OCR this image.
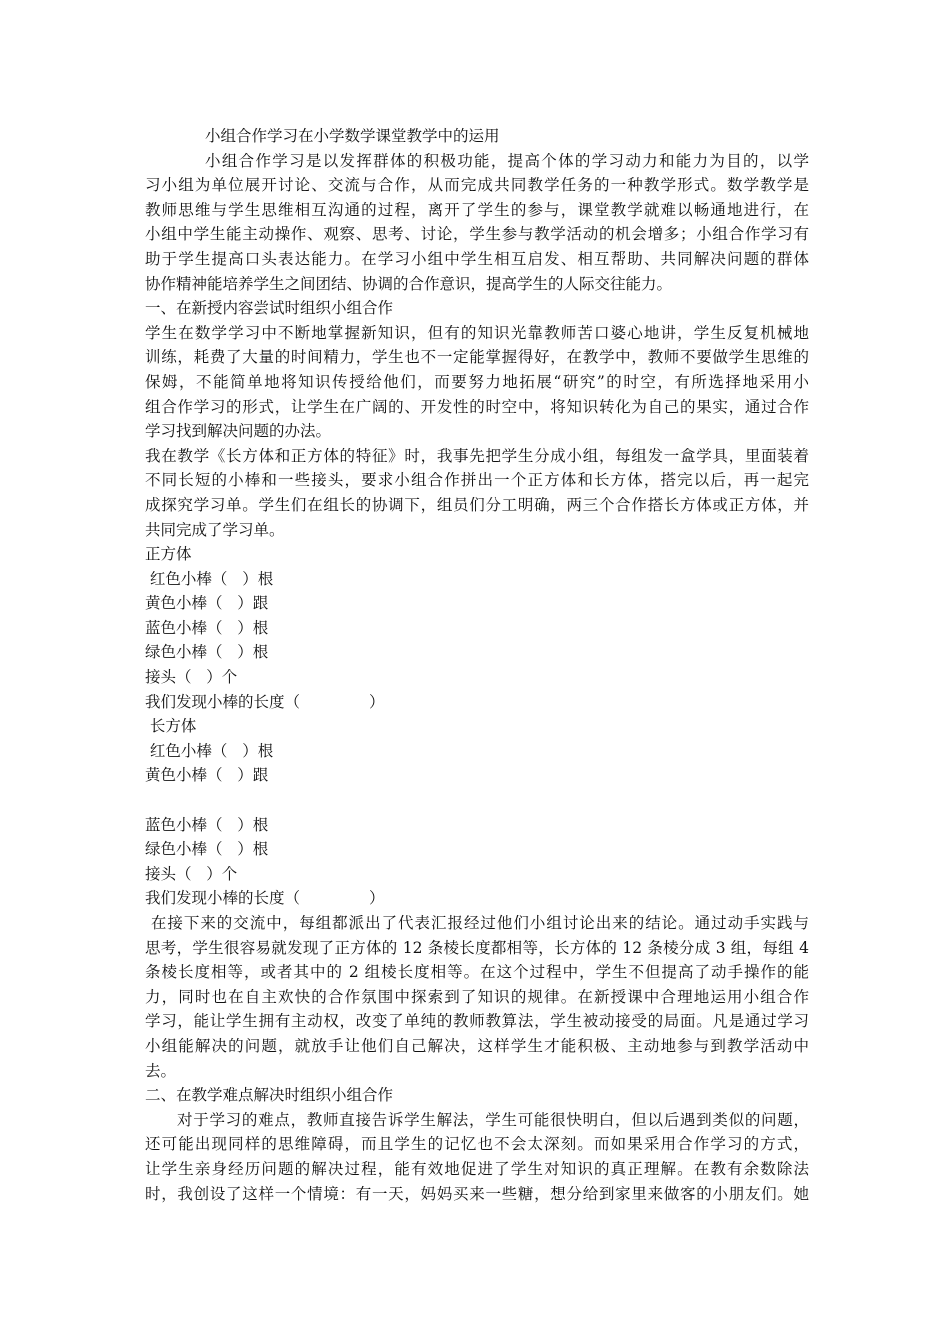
小组合作学习在小学数学课堂教学中的运用
小组合作学习是以发挥群体的积极功能，提高个体的学习动力和能力为目的，以学
习小组为单位展开讨论、交流与合作，从而完成共同教学任务的一种教学形式。数学教学是
教师思维与学生思维相互沟通的过程，离开了学生的参与，课堂教学就难以畅通地进行，在
小组中学生能主动操作、观察、思考、讨论，学生参与教学活动的机会增多；小组合作学习有
助于学生提高口头表达能力。在学习小组中学生相互启发、相互帮助、共同解决问题的群体
协作精神能培养学生之间团结、协调的合作意识，提高学生的人际交往能力。
一、在新授内容尝试时组织小组合作
学生在数学学习中不断地掌握新知识，但有的知识光靠教师苦口婆心地讲，学生反复机械地
训练，耗费了大量的时间精力，学生也不一定能掌握得好，在教学中，教师不要做学生思维的
保姆，不能简单地将知识传授给他们，而要努力地拓展“研究”的时空，有所选择地采用小
组合作学习的形式，让学生在广阔的、开发性的时空中，将知识转化为自己的果实，通过合作
学习找到解决问题的办法。
我在教学《长方体和正方体的特征》时，我事先把学生分成小组，每组发一盒学具，里面装着
不同长短的小棒和一些接头，要求小组合作拼出一个正方体和长方体，搭完以后，再一起完
成探究学习单。学生们在组长的协调下，组员们分工明确，两三个合作搭长方体或正方体，并
共同完成了学习单。
正方体
红色小棒（   ）根
黄色小棒（   ）跟
蓝色小棒（   ）根
绿色小棒（   ）根
接头（   ）个
我们发现小棒的长度（              ）
长方体
红色小棒（   ）根
黄色小棒（   ）跟
蓝色小棒（   ）根
绿色小棒（   ）根
接头（   ）个
我们发现小棒的长度（              ）
在接下来的交流中，每组都派出了代表汇报经过他们小组讨论出来的结论。通过动手实践与
思考，学生很容易就发现了正方体的 12 条棱长度都相等，长方体的 12 条棱分成 3 组，每组 4
条棱长度相等，或者其中的 2 组棱长度相等。在这个过程中，学生不但提高了动手操作的能
力，同时也在自主欢快的合作氛围中探索到了知识的规律。在新授课中合理地运用小组合作
学习，能让学生拥有主动权，改变了单纯的教师教算法，学生被动接受的局面。凡是通过学习
小组能解决的问题，就放手让他们自己解决，这样学生才能积极、主动地参与到教学活动中
去。
二、在教学难点解决时组织小组合作
对于学习的难点，教师直接告诉学生解法，学生可能很快明白，但以后遇到类似的问题，
还可能出现同样的思维障碍，而且学生的记忆也不会太深刻。而如果采用合作学习的方式，
让学生亲身经历问题的解决过程，能有效地促进了学生对知识的真正理解。在教有余数除法
时，我创设了这样一个情境：有一天，妈妈买来一些糖，想分给到家里来做客的小朋友们。她
